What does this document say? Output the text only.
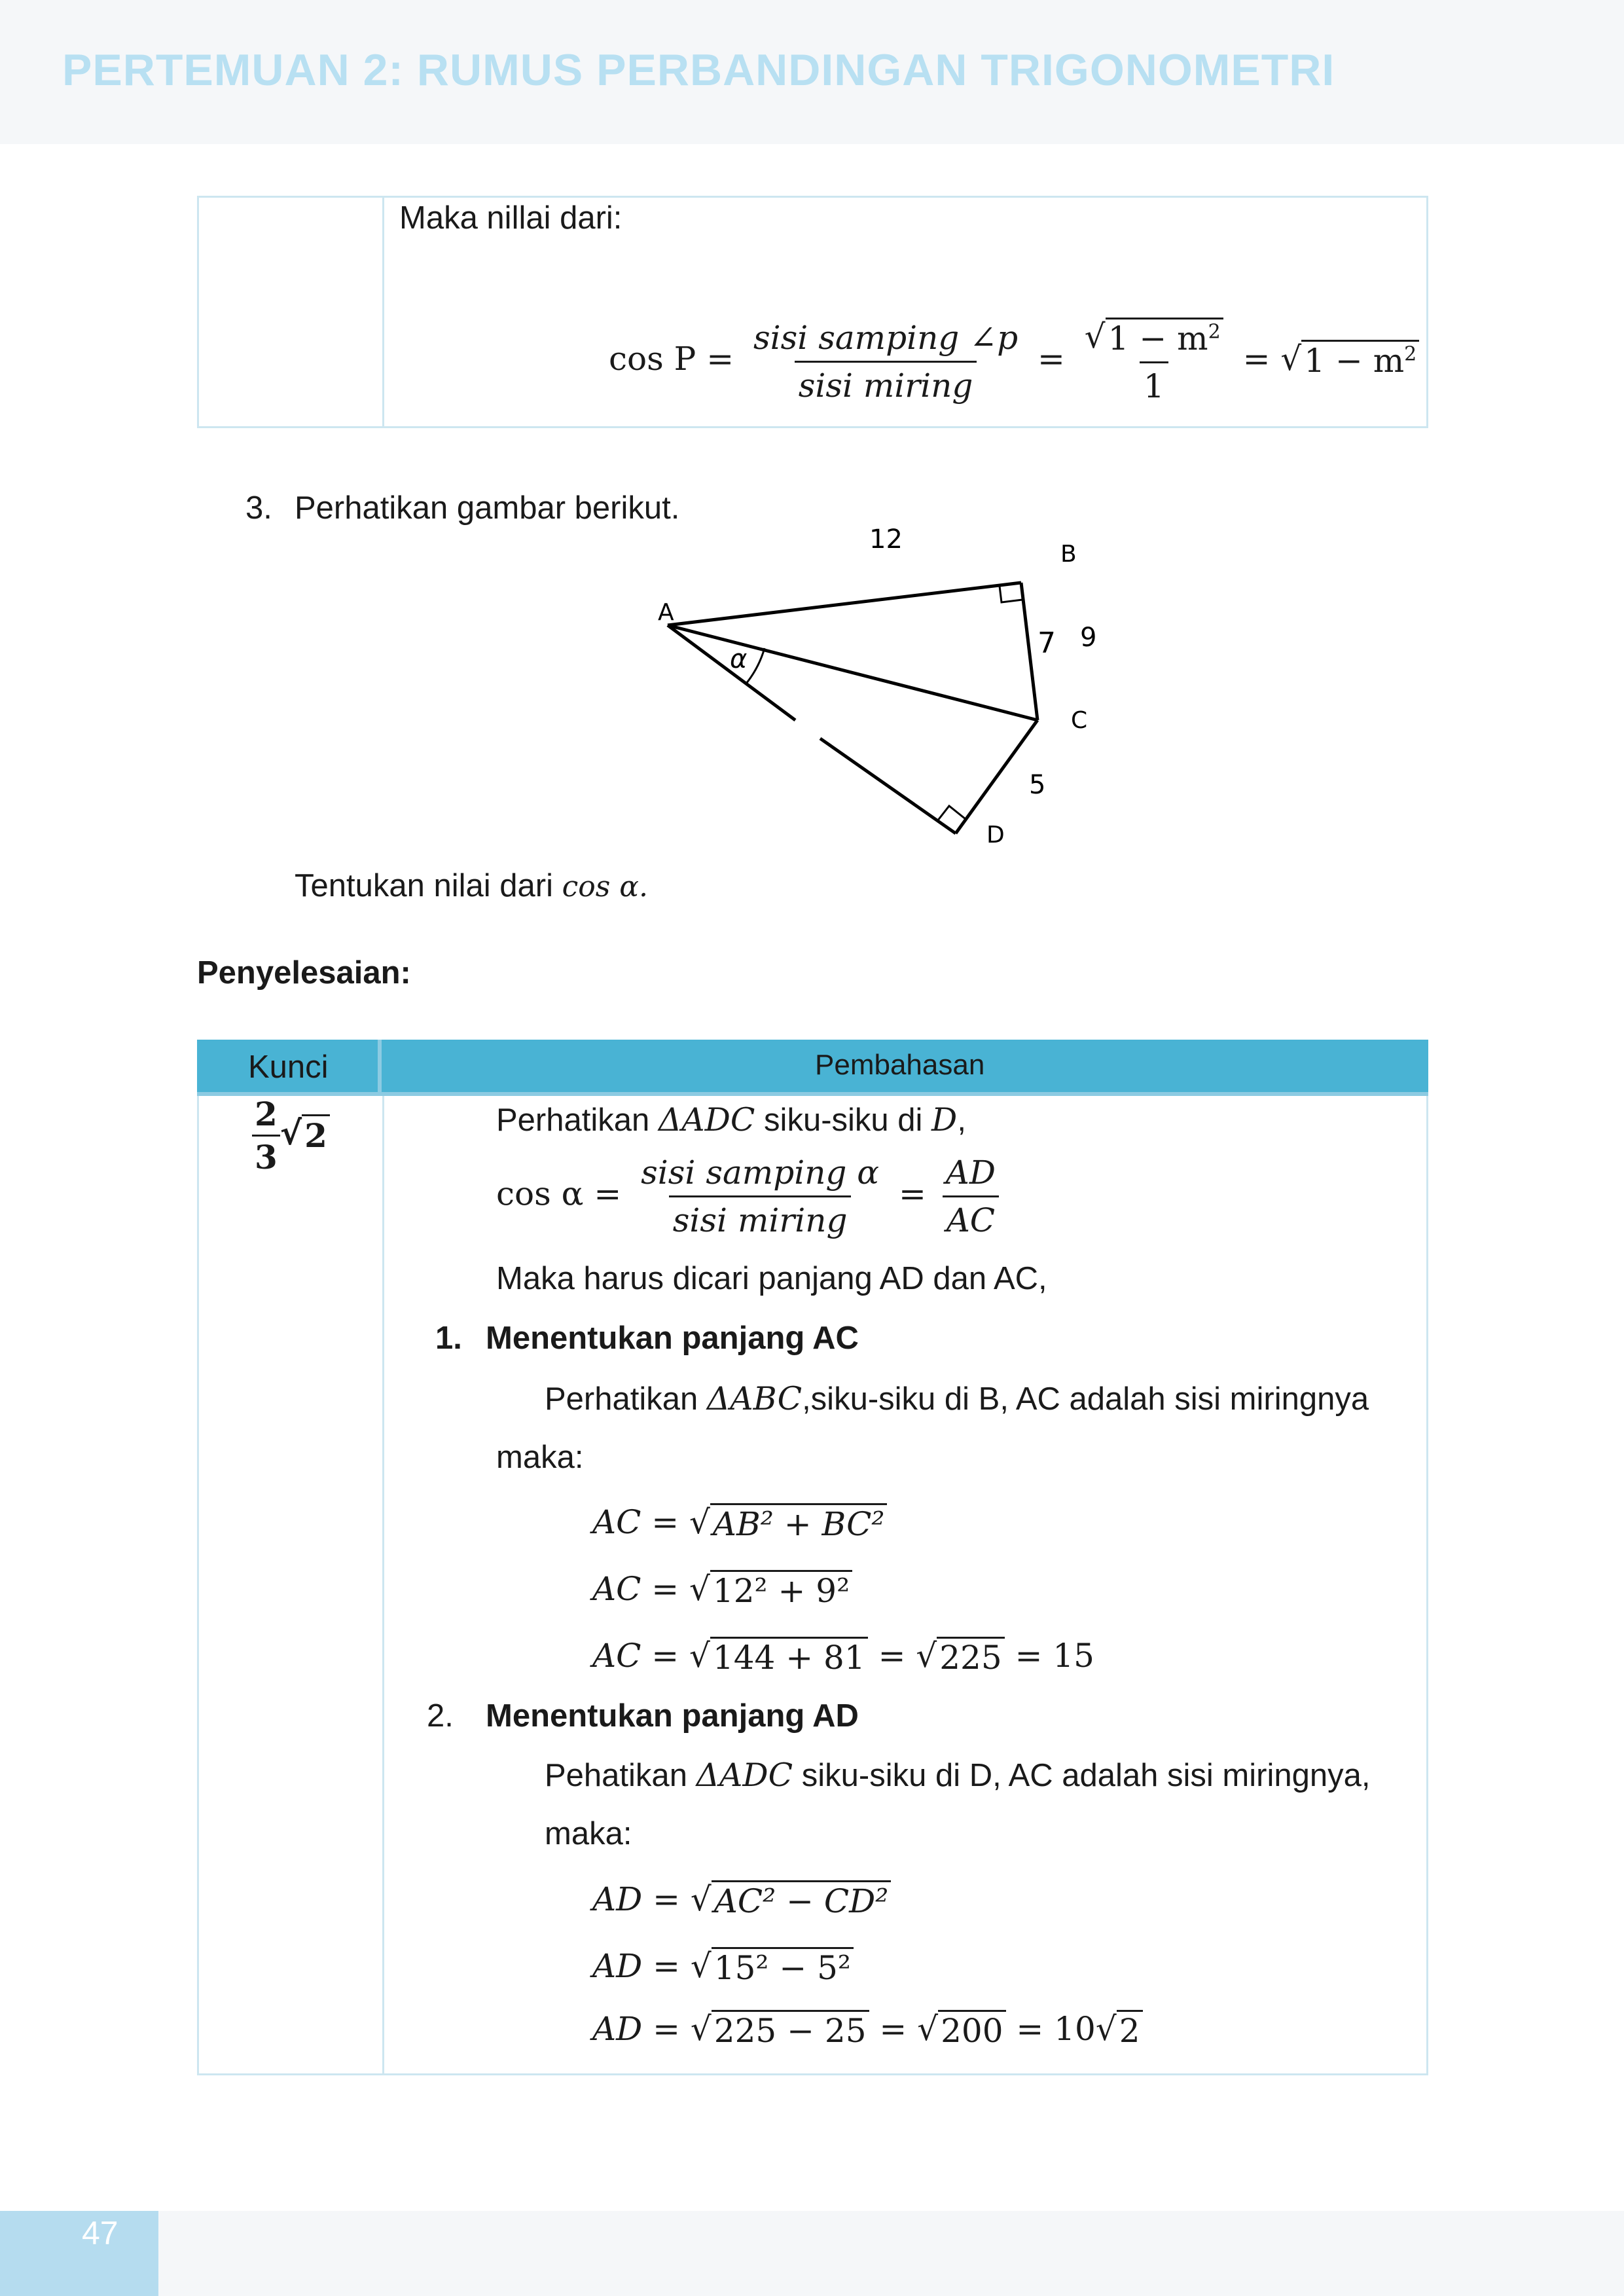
PERTEMUAN 2: RUMUS PERBANDINGAN TRIGONOMETRI
Maka nillai dari:
$\cos P = \frac{\text{sisi samping ∠p}}{\text{sisi miring}} = \frac{√ 1 - m^2}{1}$ = √ $1 - m^2$
3. Perhatikan gambar berikut.
A
B
C
D
12
7 9
5
α
Tentukan nilai dari cos α.
Penyelesaian:
Kunci	Pembahasan
$\frac{2}{3}$ √ 2	Perhatikan ΔADC siku-siku di D,
$\cos \alpha = \frac{\text{sisi samping α}}{\text{sisi miring}} = \frac{AD}{AC}$
Maka harus dicari panjang AD dan AC,
1. Menentukan panjang AC
Perhatikan ΔABC,siku-siku di B, AC adalah sisi miringnya
maka:
AC = √ AB² + BC²
AC = √ 12² + 9²
AC = √ 144 + 81 = √ 225 = 15
2. Menentukan panjang AD
Pehatikan ΔADC siku-siku di D, AC adalah sisi miringnya,
maka:
AD = √ AC² − CD²
AD = √ 15² − 5²
AD = √ 225 − 25 = √ 200 = 10 √ 2
47
